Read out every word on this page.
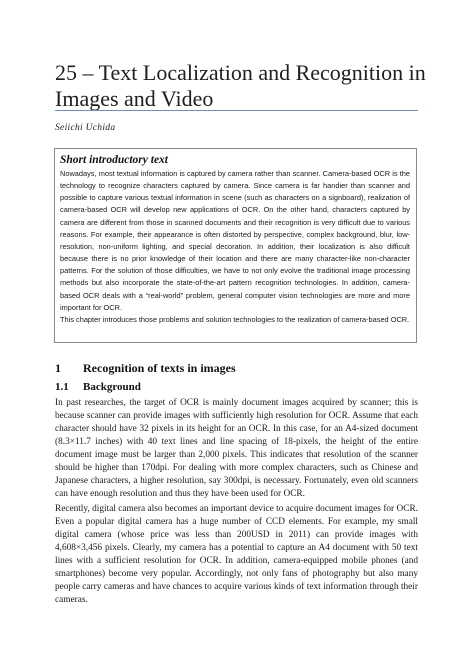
25 – Text Localization and Recognition in Images and Video
Seiichi Uchida
Short introductory text

Nowadays, most textual information is captured by camera rather than scanner. Camera-based OCR is the technology to recognize characters captured by camera. Since camera is far handier than scanner and possible to capture various textual information in scene (such as characters on a signboard), realization of camera-based OCR will develop new applications of OCR. On the other hand, characters captured by camera are different from those in scanned documents and their recognition is very difficult due to various reasons. For example, their appearance is often distorted by perspective, complex background, blur, low-resolution, non-uniform lighting, and special decoration. In addition, their localization is also difficult because there is no prior knowledge of their location and there are many character-like non-character patterns. For the solution of those difficulties, we have to not only evolve the traditional image processing methods but also incorporate the state-of-the-art pattern recognition technologies. In addition, camera-based OCR deals with a “real-world” problem, general computer vision technologies are more and more important for OCR.

This chapter introduces those problems and solution technologies to the realization of camera-based OCR.

1 Recognition of texts in images
1.1 Background

In past researches, the target of OCR is mainly document images acquired by scanner; this is because scanner can provide images with sufficiently high resolution for OCR. Assume that each character should have 32 pixels in its height for an OCR. In this case, for an A4-sized document (8.3×11.7 inches) with 40 text lines and line spacing of 18-pixels, the height of the entire document image must be larger than 2,000 pixels. This indicates that resolution of the scanner should be higher than 170dpi. For dealing with more complex characters, such as Chinese and Japanese characters, a higher resolution, say 300dpi, is necessary. Fortunately, even old scanners can have enough resolution and thus they have been used for OCR.

Recently, digital camera also becomes an important device to acquire document images for OCR. Even a popular digital camera has a huge number of CCD elements. For example, my small digital camera (whose price was less than 200USD in 2011) can provide images with 4,608×3,456 pixels. Clearly, my camera has a potential to capture an A4 document with 50 text lines with a sufficient resolution for OCR. In addition, camera-equipped mobile phones (and smartphones) become very popular. Accordingly, not only fans of photography but also many people carry cameras and have chances to acquire various kinds of text information through their cameras.
